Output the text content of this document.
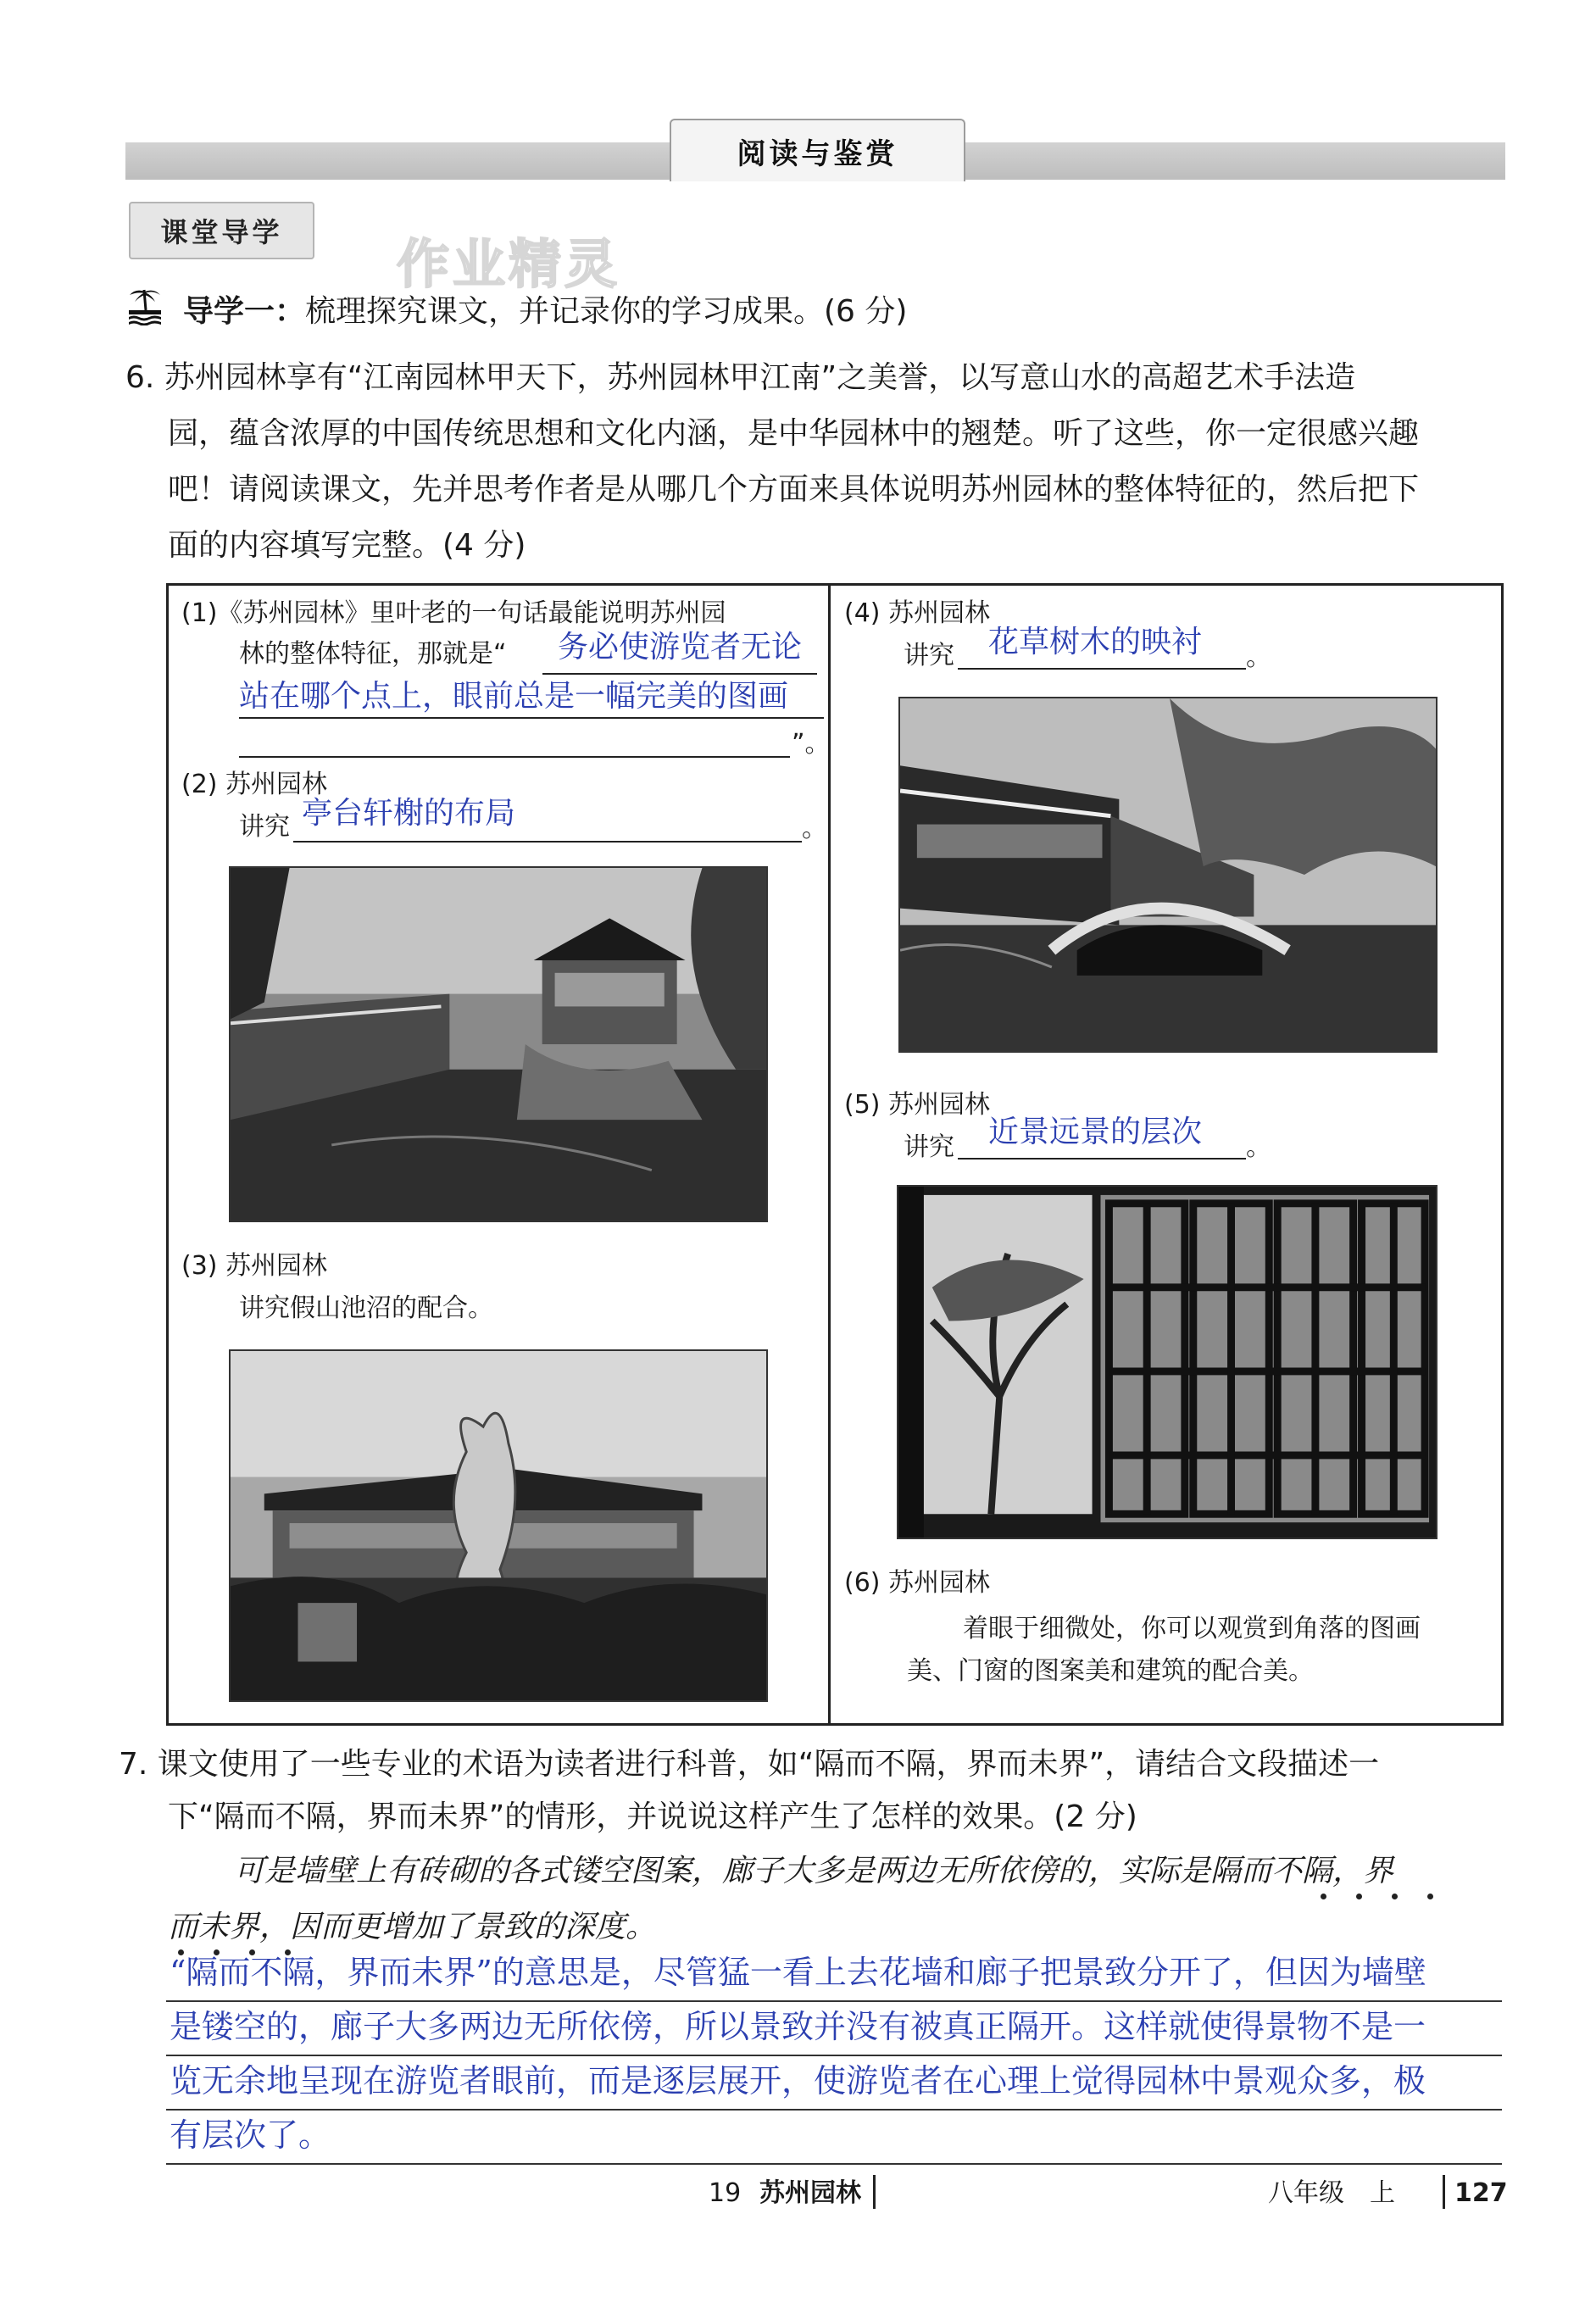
阅读与鉴赏
课堂导学
作业精灵
导学一：梳理探究课文，并记录你的学习成果。(6 分)
6. 苏州园林享有“江南园林甲天下，苏州园林甲江南”之美誉，以写意山水的高超艺术手法造
园，蕴含浓厚的中国传统思想和文化内涵，是中华园林中的翘楚。听了这些，你一定很感兴趣
吧！请阅读课文，先并思考作者是从哪几个方面来具体说明苏州园林的整体特征的，然后把下
面的内容填写完整。(4 分)
(1)《苏州园林》里叶老的一句话最能说明苏州园
林的整体特征，那就是“ 务必使游览者无论
站在哪个点上，眼前总是一幅完美的图画
”。
(2) 苏州园林
讲究 亭台轩榭的布局	。
(3) 苏州园林
讲究假山池沼的配合。
(4) 苏州园林
讲究 花草树木的映衬 。
(5) 苏州园林
讲究 近景远景的层次 。
(6) 苏州园林
着眼于细微处，你可以观赏到角落的图画
美、门窗的图案美和建筑的配合美。
7. 课文使用了一些专业的术语为读者进行科普，如“隔而不隔，界而未界”，请结合文段描述一
下“隔而不隔，界而未界”的情形，并说说这样产生了怎样的效果。(2 分)
可是墙壁上有砖砌的各式镂空图案，廊子大多是两边无所依傍的，实际是隔而不隔，界
而未界，因而更增加了景致的深度。
“隔而不隔，界而未界”的意思是，尽管猛一看上去花墙和廊子把景致分开了，但因为墙壁
是镂空的，廊子大多两边无所依傍，所以景致并没有被真正隔开。这样就使得景物不是一
览无余地呈现在游览者眼前，而是逐层展开，使游览者在心理上觉得园林中景观众多，极
有层次了。
19 苏州园林	八年级　上 127
